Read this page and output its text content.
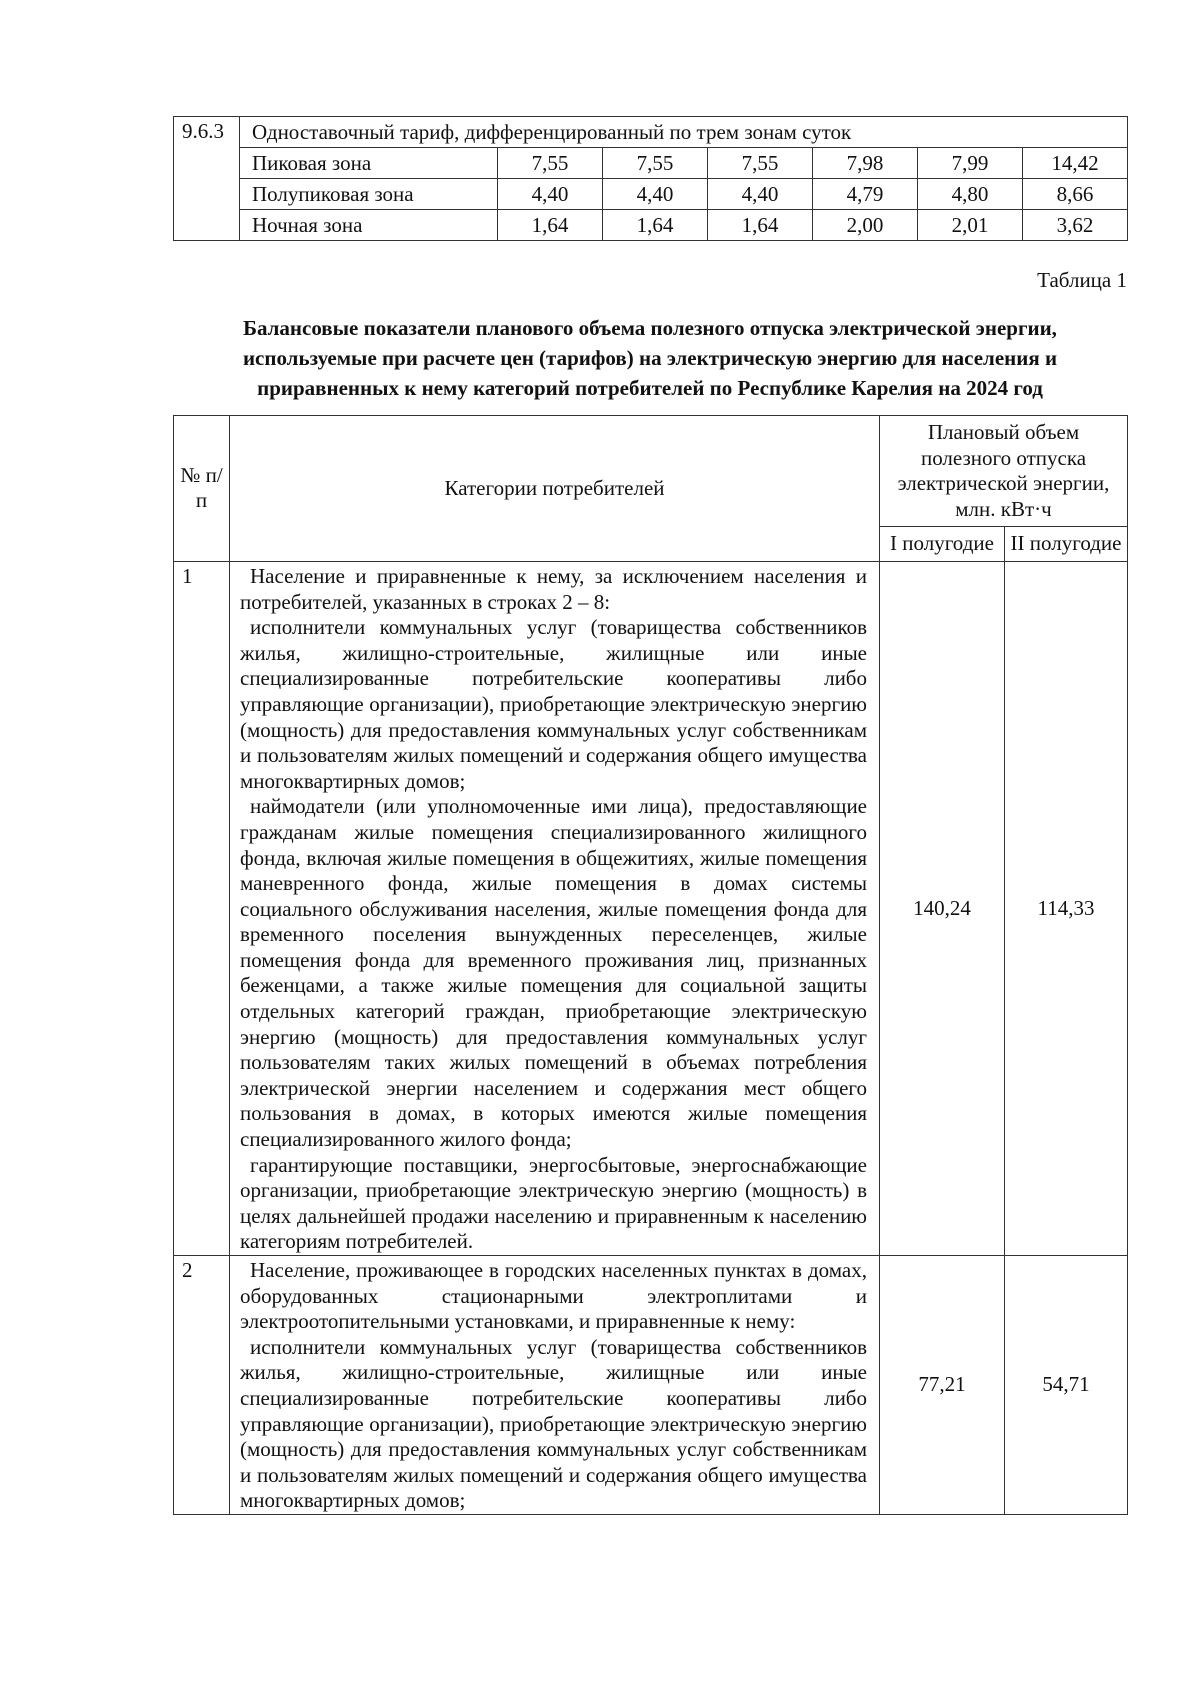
9.6.3	Одноставочный тариф, дифференцированный по трем зонам суток						
	Пиковая зона	7,55	7,55	7,55	7,98	7,99	14,42
	Полупиковая зона	4,40	4,40	4,40	4,79	4,80	8,66
	Ночная зона	1,64	1,64	1,64	2,00	2,01	3,62
Таблица 1
Балансовые показатели планового объема полезного отпуска электрической энергии,
используемые при расчете цен (тарифов) на электрическую энергию для населения и
приравненных к нему категорий потребителей по Республике Карелия на 2024 год
№ п/п	Категории потребителей	Плановый объем полезного отпуска электрической энергии, млн. кВт·ч	
		I полугодие	II полугодие
1	Население и приравненные к нему, за исключением населения и потребителей, указанных в строках 2 – 8:

исполнители коммунальных услуг (товарищества собственников жилья, жилищно-строительные, жилищные или иные специализированные потребительские кооперативы либо управляющие организации), приобретающие электрическую энергию (мощность) для предоставления коммунальных услуг собственникам и пользователям жилых помещений и содержания общего имущества многоквартирных домов;

наймодатели (или уполномоченные ими лица), предоставляющие гражданам жилые помещения специализированного жилищного фонда, включая жилые помещения в общежитиях, жилые помещения маневренного фонда, жилые помещения в домах системы социального обслуживания населения, жилые помещения фонда для временного поселения вынужденных переселенцев, жилые помещения фонда для временного проживания лиц, признанных беженцами, а также жилые помещения для социальной защиты отдельных категорий граждан, приобретающие электрическую энергию (мощность) для предоставления коммунальных услуг пользователям таких жилых помещений в объемах потребления электрической энергии населением и содержания мест общего пользования в домах, в которых имеются жилые помещения специализированного жилого фонда;

гарантирующие поставщики, энергосбытовые, энергоснабжающие организации, приобретающие электрическую энергию (мощность) в целях дальнейшей продажи населению и приравненным к населению категориям потребителей.	140,24	114,33
2	Население, проживающее в городских населенных пунктах в домах, оборудованных стационарными электроплитами и электроотопительными установками, и приравненные к нему:

исполнители коммунальных услуг (товарищества собственников жилья, жилищно-строительные, жилищные или иные специализированные потребительские кооперативы либо управляющие организации), приобретающие электрическую энергию (мощность) для предоставления коммунальных услуг собственникам и пользователям жилых помещений и содержания общего имущества многоквартирных домов;	77,21	54,71
